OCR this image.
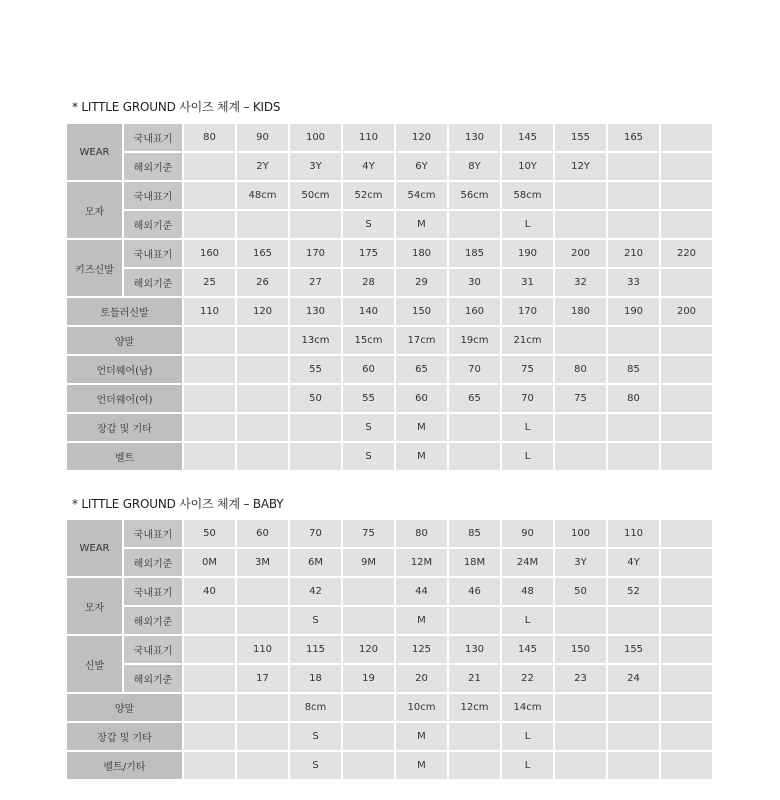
* LITTLE GROUND 사이즈 체계 – KIDS
WEAR	국내표기	80	90	100	110	120	130	145	155	165	
	해외기준		2Y	3Y	4Y	6Y	8Y	10Y	12Y		
모자	국내표기		48cm	50cm	52cm	54cm	56cm	58cm			
	해외기준				S	M		L			
키즈신발	국내표기	160	165	170	175	180	185	190	200	210	220
	해외기준	25	26	27	28	29	30	31	32	33	
토들러신발		110	120	130	140	150	160	170	180	190	200
양말				13cm	15cm	17cm	19cm	21cm			
언더웨어(남)				55	60	65	70	75	80	85	
언더웨어(여)				50	55	60	65	70	75	80	
장갑 및 기타					S	M		L			
벨트					S	M		L			
* LITTLE GROUND 사이즈 체계 – BABY
WEAR	국내표기	50	60	70	75	80	85	90	100	110	
	해외기준	0M	3M	6M	9M	12M	18M	24M	3Y	4Y	
모자	국내표기	40		42		44	46	48	50	52	
	해외기준			S		M		L			
신발	국내표기		110	115	120	125	130	145	150	155	
	해외기준		17	18	19	20	21	22	23	24	
양말				8cm		10cm	12cm	14cm			
장갑 및 기타				S		M		L			
벨트/기타				S		M		L			
